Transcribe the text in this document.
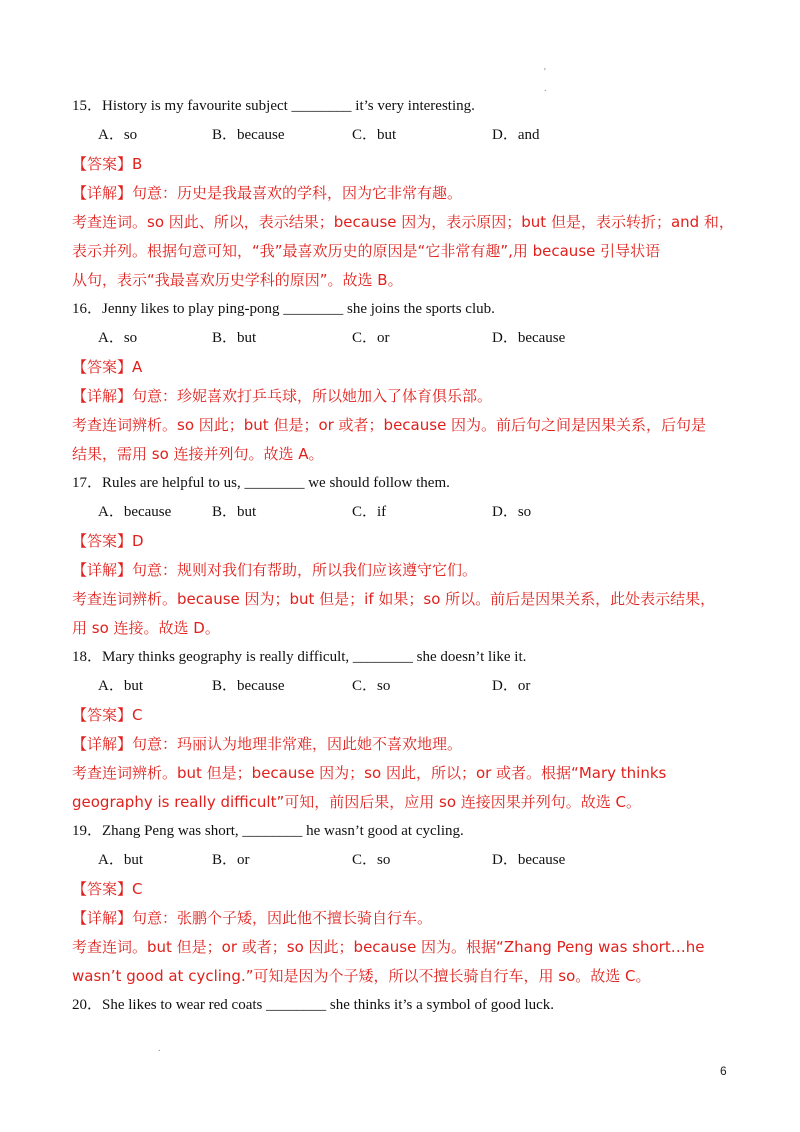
'
.
.
15．History is my favourite subject ________ it’s very interesting.
A．so	B．because	C．but	D．and
【答案】B
【详解】句意：历史是我最喜欢的学科，因为它非常有趣。
考查连词。so 因此、所以，表示结果；because 因为，表示原因；but 但是，表示转折；and 和，
表示并列。根据句意可知，“我”最喜欢历史的原因是“它非常有趣”,用 because 引导状语
从句，表示“我最喜欢历史学科的原因”。故选 B。
16．Jenny likes to play ping-pong ________ she joins the sports club.
A．so	B．but	C．or	D．because
【答案】A
【详解】句意：珍妮喜欢打乒乓球，所以她加入了体育俱乐部。
考查连词辨析。so 因此；but 但是；or 或者；because 因为。前后句之间是因果关系，后句是
结果，需用 so 连接并列句。故选 A。
17．Rules are helpful to us, ________ we should follow them.
A．because	B．but	C．if	D．so
【答案】D
【详解】句意：规则对我们有帮助，所以我们应该遵守它们。
考查连词辨析。because 因为；but 但是；if 如果；so 所以。前后是因果关系，此处表示结果，
用 so 连接。故选 D。
18．Mary thinks geography is really difficult, ________ she doesn’t like it.
A．but	B．because	C．so	D．or
【答案】C
【详解】句意：玛丽认为地理非常难，因此她不喜欢地理。
考查连词辨析。but 但是；because 因为；so 因此，所以；or 或者。根据“Mary thinks
geography is really difficult”可知，前因后果，应用 so 连接因果并列句。故选 C。
19．Zhang Peng was short, ________ he wasn’t good at cycling.
A．but	B．or	C．so	D．because
【答案】C
【详解】句意：张鹏个子矮，因此他不擅长骑自行车。
考查连词。but 但是；or 或者；so 因此；because 因为。根据“Zhang Peng was short…he
wasn’t good at cycling.”可知是因为个子矮，所以不擅长骑自行车，用 so。故选 C。
20．She likes to wear red coats ________ she thinks it’s a symbol of good luck.
6
